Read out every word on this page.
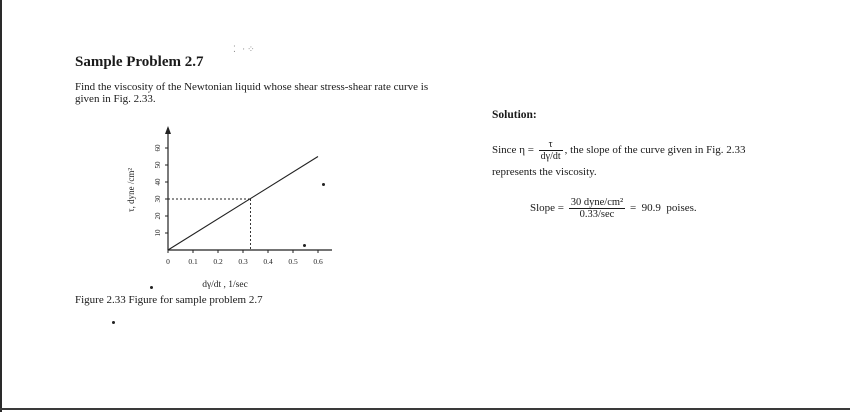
Sample Problem 2.7
⁚ ·⁘
Find the viscosity of the Newtonian liquid whose shear stress-shear rate curve is given in Fig. 2.33.
10
20
30
40
50
60
0 0.1 0.2 0.3 0.4 0.5 0.6
τ, dyne /cm²
dγ/dt , 1/sec
Figure 2.33 Figure for sample problem 2.7
Solution:
Since $\eta = \frac{\tau}{d\gamma/dt}$ , the slope of the curve given in Fig. 2.33
represents the viscosity.
Slope = $\frac{\text{30 dyne/cm²}}{0.33/\sec} = 90.9$ poises.
